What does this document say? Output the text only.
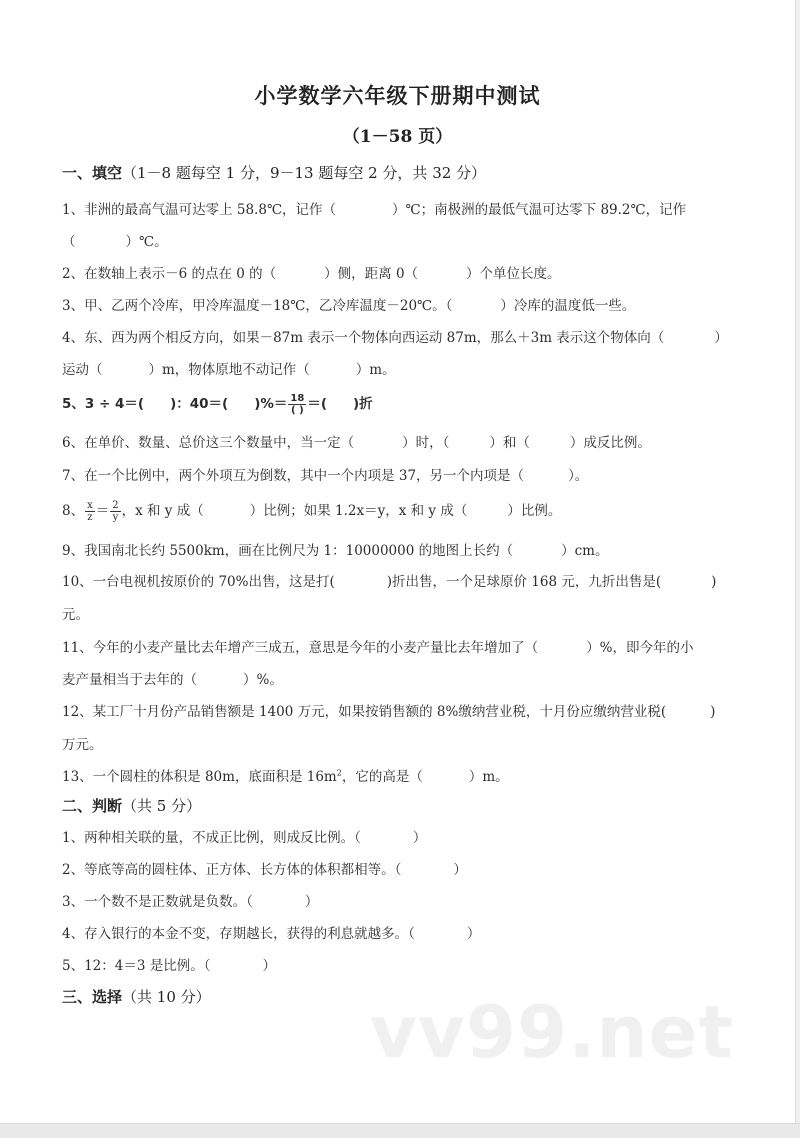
小学数学六年级下册期中测试
（1－58 页）
一、填空（1－8 题每空 1 分，9－13 题每空 2 分，共 32 分）
1、非洲的最高气温可达零上 58.8℃，记作（	）℃；南极洲的最低气温可达零下 89.2℃，记作
（	）℃。
2、在数轴上表示－6 的点在 0 的（	）侧，距离 0（	）个单位长度。
3、甲、乙两个冷库，甲冷库温度－18℃，乙冷库温度－20℃。（	）冷库的温度低一些。
4、东、西为两个相反方向，如果－87m 表示一个物体向西运动 87m，那么＋3m 表示这个物体向（	）
运动（	）m，物体原地不动记作（	）m。
5、3 ÷ 4＝( )：40＝( )%＝ $\frac{18}{( )}$ ＝( )折
6、在单价、数量、总价这三个数量中，当一定（	）时，（	）和（	）成反比例。
7、在一个比例中，两个外项互为倒数，其中一个内项是 37，另一个内项是（	）。
8、 $\frac{x}{z} = \frac{2}{y}$ ，x 和 y 成（	）比例；如果 1.2x＝y，x 和 y 成（	）比例。
9、我国南北长约 5500km，画在比例尺为 1：10000000 的地图上长约（	）cm。
10、一台电视机按原价的 70%出售，这是打(	)折出售，一个足球原价 168 元，九折出售是(	)
元。
11、今年的小麦产量比去年增产三成五，意思是今年的小麦产量比去年增加了（	）%，即今年的小
麦产量相当于去年的（	）%。
12、某工厂十月份产品销售额是 1400 万元，如果按销售额的 8%缴纳营业税，十月份应缴纳营业税(	)
万元。
13、一个圆柱的体积是 80m，底面积是 $16m^2$，它的高是（	）m。
二、判断（共 5 分）
1、两种相关联的量，不成正比例，则成反比例。（	）
2、等底等高的圆柱体、正方体、长方体的体积都相等。（	）
3、一个数不是正数就是负数。（	）
4、存入银行的本金不变，存期越长，获得的利息就越多。（	）
5、12：4＝3 是比例。（	）
三、选择（共 10 分） vv99.net
